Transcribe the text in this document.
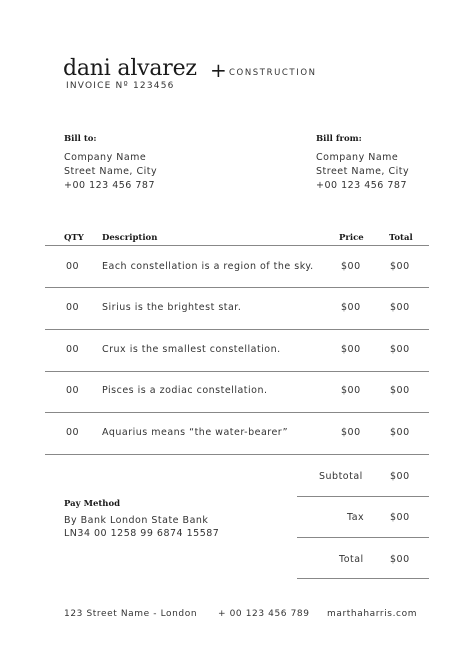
dani alvarez + CONSTRUCTION
INVOICE Nº 123456
Bill to:
Company Name
Street Name, City
+00 123 456 787
Bill from:
Company Name
Street Name, City
+00 123 456 787
QTY Description	Price	Total
00 Each constellation is a region of the sky.	$00	$00
00 Sirius is the brightest star.	$00	$00
00 Crux is the smallest constellation.	$00	$00
00 Pisces is a zodiac constellation.	$00	$00
00 Aquarius means “the water-bearer”	$00	$00
Subtotal	$00
Tax	$00
Total	$00
Pay Method
By Bank London State Bank
LN34 00 1258 99 6874 15587
123 Street Name - London + 00 123 456 789 marthaharris.com
